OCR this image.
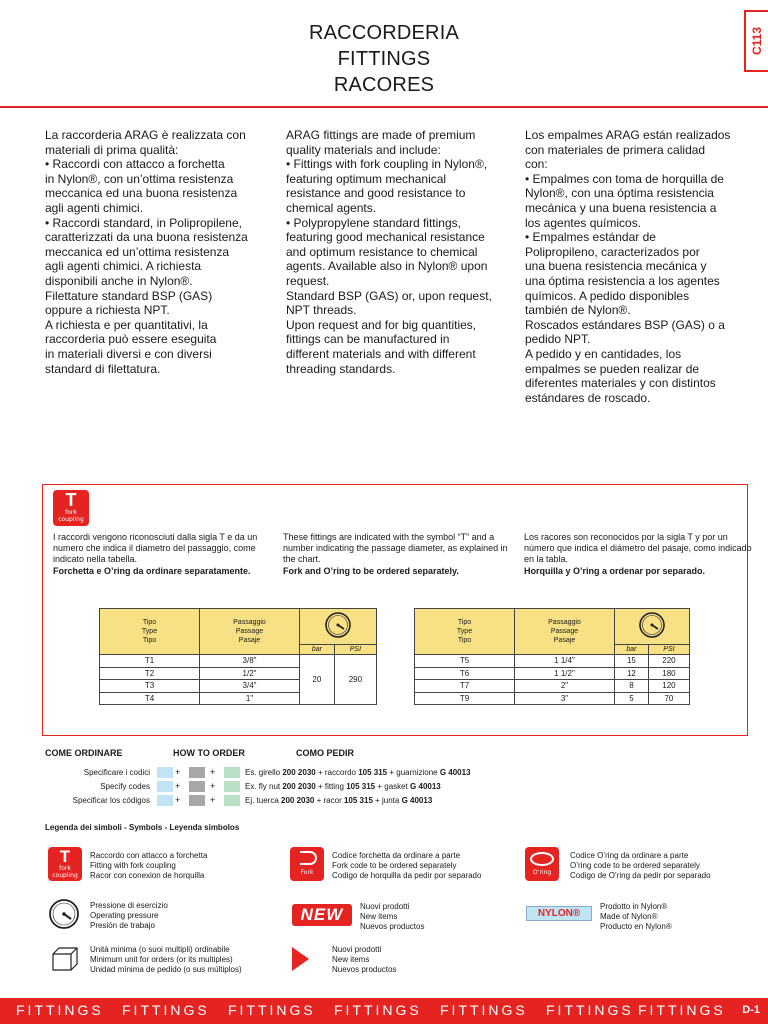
RACCORDERIA
FITTINGS
RACORES
C113
La raccorderia ARAG è realizzata con
materiali di prima qualità:
• Raccordi con attacco a forchetta
in Nylon®, con un’ottima resistenza
meccanica ed una buona resistenza
agli agenti chimici.
• Raccordi standard, in Polipropilene,
caratterizzati da una buona resistenza
meccanica ed un’ottima resistenza
agli agenti chimici. A richiesta
disponibili anche in Nylon®.
Filettature standard BSP (GAS)
oppure a richiesta NPT.
A richiesta e per quantitativi, la
raccorderia può essere eseguita
in materiali diversi e con diversi
standard di filettatura.
ARAG fittings are made of premium
quality materials and include:
• Fittings with fork coupling in Nylon®,
featuring optimum mechanical
resistance and good resistance to
chemical agents.
• Polypropylene standard fittings,
featuring good mechanical resistance
and optimum resistance to chemical
agents. Available also in Nylon® upon
request.
Standard BSP (GAS) or, upon request,
NPT threads.
Upon request and for big quantities,
fittings can be manufactured in
different materials and with different
threading standards.
Los empalmes ARAG están realizados
con materiales de primera calidad
con:
• Empalmes con toma de horquilla de
Nylon®, con una óptima resistencia
mecánica y una buena resistencia a
los agentes químicos.
• Empalmes estándar de
Polipropileno, caracterizados por
una buena resistencia mecánica y
una óptima resistencia a los agentes
químicos. A pedido disponibles
también de Nylon®.
Roscados estándares BSP (GAS) o a
pedido NPT.
A pedido y en cantidades, los
empalmes se pueden realizar de
diferentes materiales y con distintos
estándares de roscado.
T
fork coupling
I raccordi vengono riconosciuti dalla sigla T e da un numero che indica il diametro del passaggio, come indicato nella tabella.
Forchetta e O’ring da ordinare separatamente.
These fittings are indicated with the symbol “T” and a number indicating the passage diameter, as explained in the chart.
Fork and O’ring to be ordered separately.
Los racores son reconocidos por la sigla T y por un número que indica el diámetro del pasaje, como indicado en la tabla.
Horquilla y O’ring a ordenar por separado.
Tipo
Type
Tipo	Passaggio
Passage
Pasaje	
		bar	PSI
T1	3/8"	20	290
T2	1/2"		
T3	3/4"		
T4	1"		
Tipo
Type
Tipo	Passaggio
Passage
Pasaje	
		bar	PSI
T5	1 1/4"	15	220
T6	1 1/2"	12	180
T7	2"	8	120
T9	3"	5	70
COME ORDINARE	HOW TO ORDER	COMO PEDIR
Specificare i codici	+	+	Es. girello 200 2030 + raccordo 105 315 + guarnizione G 40013
Specify codes	+	+	Ex. fly nut 200 2030 + fitting 105 315 + gasket G 40013
Specificar los códigos	+	+	Ej. tuerca 200 2030 + racor 105 315 + junta G 40013
Legenda dei simboli - Symbols - Leyenda simbolos
T
fork coupling
Raccordo con attacco a forchetta
Fitting with fork coupling
Racor con conexion de horquilla	Fork
Codice forchetta da ordinare a parte
Fork code to be ordered separately
Codigo de horquilla da pedir por separado	O’ring
Codice O’ring da ordinare a parte
O’ring code to be ordered separately
Codigo de O’ring da pedir por separado
Pressione di esercizio
Operating pressure
Presión de trabajo
NEW	Nuovi prodotti
New items
Nuevos productos
NYLON®
Prodotto in Nylon®
Made of Nylon®
Producto en Nylon®
Unità minima (o suoi multipli) ordinabile
Minimum unit for orders (or its multiples)
Unidad mínima de pedido (o sus múltiplos)
Nuovi prodotti
New items
Nuevos productos
FITTINGS FITTINGS FITTINGS FITTINGS FITTINGS FITTINGS FITTINGS D-1
